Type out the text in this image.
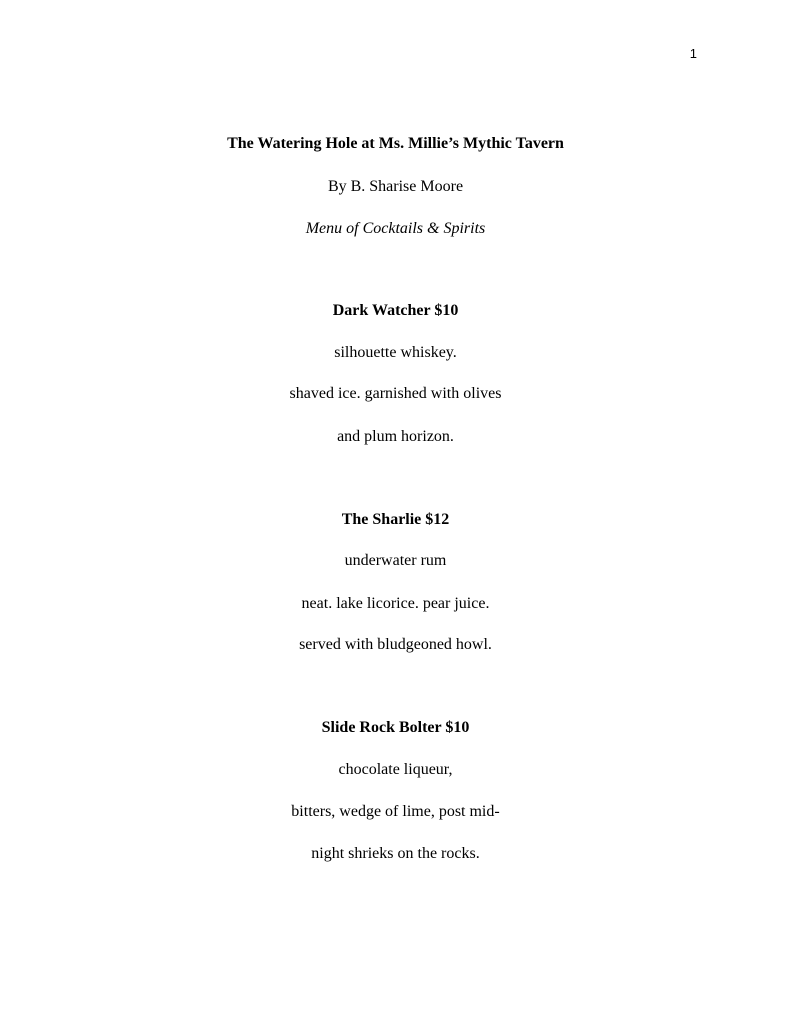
1
The Watering Hole at Ms. Millie’s Mythic Tavern
By B. Sharise Moore
Menu of Cocktails & Spirits
Dark Watcher $10
silhouette whiskey.
shaved ice. garnished with olives
and plum horizon.
The Sharlie $12
underwater rum
neat. lake licorice. pear juice.
served with bludgeoned howl.
Slide Rock Bolter $10
chocolate liqueur,
bitters, wedge of lime, post mid-
night shrieks on the rocks.
